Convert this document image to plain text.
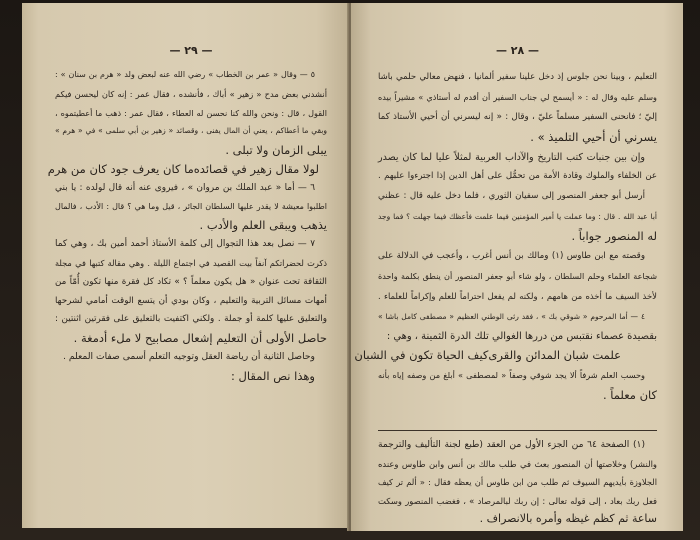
— ٢٩ —
٥ — وقال « عمر بن الخطاب » رضي الله عنه لبعض ولد « هرم بن سنان » :
أنشدني بعض مدح « زهير » أباك ، فأنشده ، فقال عمر : إنه كان ليحسن فيكم
القول ، قال : ونحن والله كنا نحسن له العطاء ، فقال عمر : ذهب ما أعطيتموه ،
وبقي ما أعطاكم ، يعني أن المال يفنى ، وقصائد « زهير بن أبي سلمى » في « هرم »
يبلى الزمان ولا تبلى .
لولا مقال زهير في قصائده
ما كان يعرف جود كان من هرم
٦ — أما « عبد الملك بن مروان » ، فيروى عنه أنه قال لولده : يا بني
اطلبوا معيشة لا يقدر عليها السلطان الجائر ، قيل وما هي ؟ قال : الأدب ، فالمال
يذهب ويبقى العلم والأدب .
٧ — نصل بعد هذا التجوال إلى كلمة الأستاذ أحمد أمين بك ، وهي كما
ذكرت لحضراتكم آنفاً بيت القصيد في اجتماع الليلة . وهي مقالة كتبها في مجلة
الثقافة تحت عنوان « هل يكون معلماً ؟ » تكاد كل فقرة منها تكون أُمّاً من
أمهات مسائل التربية والتعليم ، وكان بودي أن يتسع الوقت أمامي لشرحها
والتعليق عليها كلمة أو جملة . ولكني اكتفيت بالتعليق على فقرتين اثنتين :
حاصل الأولى أن التعليم إشعال مصابيح لا ملء أدمغة .
وحاصل الثانية أن رياضة العقل وتوجيه التعلم أسمى صفات المعلم .
وهذا نص المقال :
— ٢٨ —
التعليم ، وبينا نحن جلوس إذ دخل علينا سفير ألمانيا ، فنهض معالي حلمي باشا
وسلم عليه وقال له : « أيسمح لي جناب السفير أن أقدم له أستاذي » مشيراً بيده
إليّ ؛ فانحنى السفير مسلماً عليّ ، وقال : « إنه ليسرني أن أحيي الأستاذ كما
يسرني أن أحيي التلميذ » .
وإن بين جنبات كتب التاريخ والآداب العربية لمثلاً عليا لما كان يصدر
عن الخلفاء والملوك وقادة الأمة من تحمُّل على أهل الدين إذا اجترءوا عليهم .
أرسل أبو جعفر المنصور إلى سفيان الثوري ، فلما دخل عليه قال : عظني
أبا عبد الله . قال : وما عملت يا أمير المؤمنين فيما علمت فأعظك فيما جهلت ؟ فما وجد
له المنصور جواباً .
وقصته مع ابن طاوس (١) ومالك بن أنس أغرب ، وأعجب في الدلالة على
شجاعة العلماء وحلم السلطان ، ولو شاء أبو جعفر المنصور أن ينطق بكلمة واحدة
لأخذ السيف ما أخذه من هامهم ، ولكنه لم يفعل احتراماً للعلم وإكراماً للعلماء .
٤ — أما المرحوم « شوقي بك » ، فقد رثى الوطني العظيم « مصطفى كامل باشا »
بقصيدة عصماء نقتبس من دررها الغوالي تلك الدرة الثمينة ، وهي :
علمت شبان المدائن والقرى
كيف الحياة تكون في الشبان
وحسب العلم شرفاً ألا يجد شوقي وصفاً « لمصطفى » أبلغ من وصفه إياه بأنه
كان معلماً .
(١) الصفحة ٦٤ من الجزء الأول من العقد (طبع لجنة التأليف والترجمة
والنشر) وخلاصتها أن المنصور بعث في طلب مالك بن أنس وابن طاوس وعنده
الجلاوزة بأيديهم السيوف ثم طلب من ابن طاوس أن يعظه فقال : « ألم تر كيف
فعل ربك بعاد ، إلى قوله تعالى : إن ربك لبالمرصاد » ، فغضب المنصور وسكت
ساعة ثم كظم غيظه وأمره بالانصراف .
